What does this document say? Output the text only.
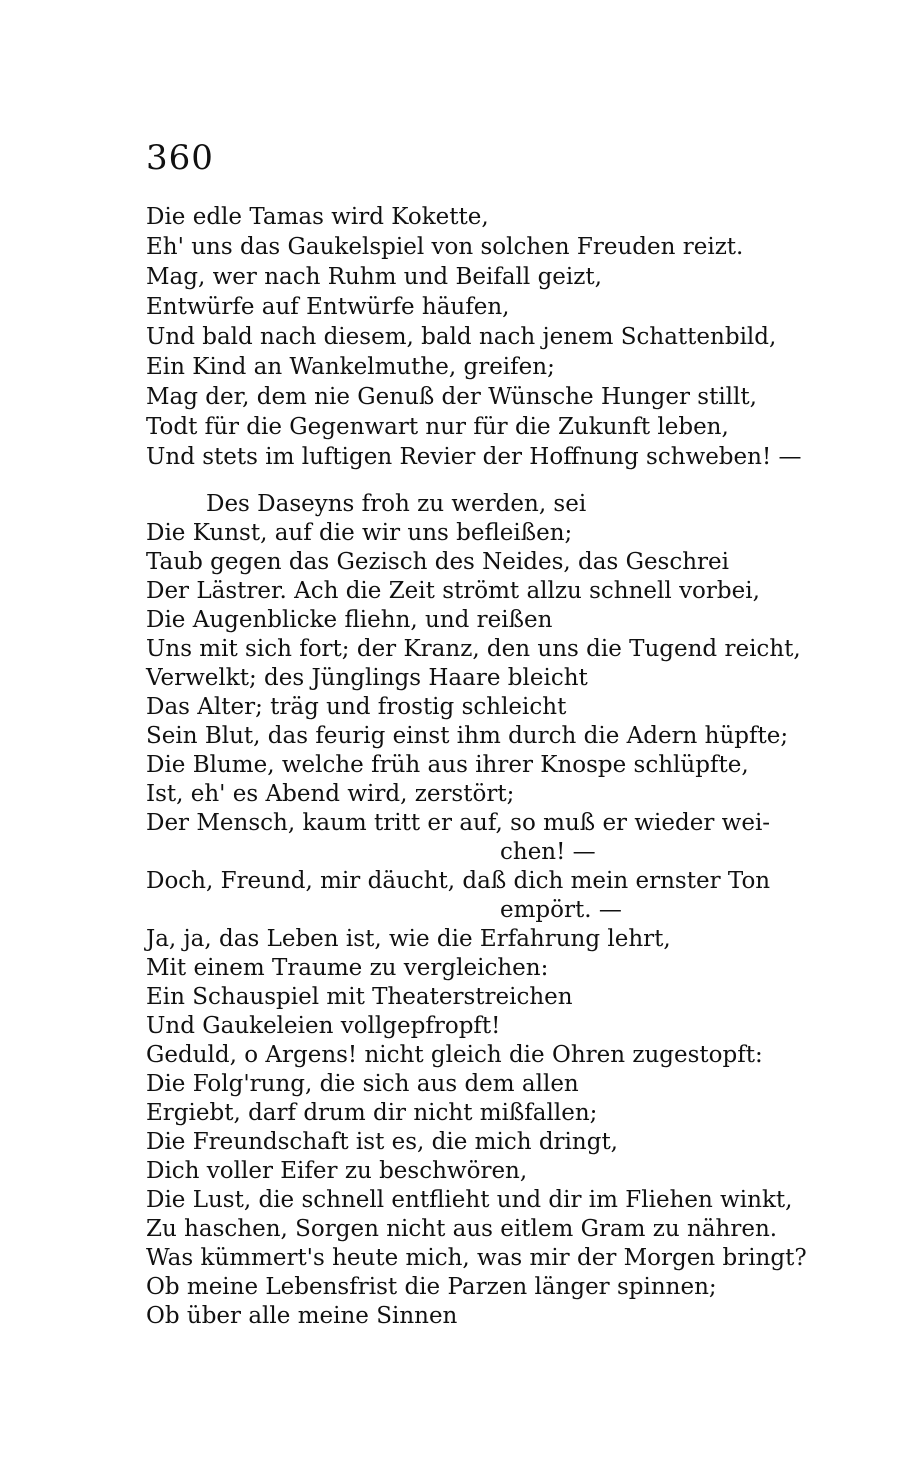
360
Die edle Tamas wird Kokette,
Eh' uns das Gaukelspiel von solchen Freuden reizt.
Mag, wer nach Ruhm und Beifall geizt,
Entwürfe auf Entwürfe häufen,
Und bald nach diesem, bald nach jenem Schattenbild,
Ein Kind an Wankelmuthe, greifen;
Mag der, dem nie Genuß der Wünsche Hunger stillt,
Todt für die Gegenwart nur für die Zukunft leben,
Und stets im luftigen Revier der Hoffnung schweben! —
Des Daseyns froh zu werden, sei
Die Kunst, auf die wir uns befleißen;
Taub gegen das Gezisch des Neides, das Geschrei
Der Lästrer. Ach die Zeit strömt allzu schnell vorbei,
Die Augenblicke fliehn, und reißen
Uns mit sich fort; der Kranz, den uns die Tugend reicht,
Verwelkt; des Jünglings Haare bleicht
Das Alter; träg und frostig schleicht
Sein Blut, das feurig einst ihm durch die Adern hüpfte;
Die Blume, welche früh aus ihrer Knospe schlüpfte,
Ist, eh' es Abend wird, zerstört;
Der Mensch, kaum tritt er auf, so muß er wieder wei-
chen! —
Doch, Freund, mir däucht, daß dich mein ernster Ton
empört. —
Ja, ja, das Leben ist, wie die Erfahrung lehrt,
Mit einem Traume zu vergleichen:
Ein Schauspiel mit Theaterstreichen
Und Gaukeleien vollgepfropft!
Geduld, o Argens! nicht gleich die Ohren zugestopft:
Die Folg'rung, die sich aus dem allen
Ergiebt, darf drum dir nicht mißfallen;
Die Freundschaft ist es, die mich dringt,
Dich voller Eifer zu beschwören,
Die Lust, die schnell entflieht und dir im Fliehen winkt,
Zu haschen, Sorgen nicht aus eitlem Gram zu nähren.
Was kümmert's heute mich, was mir der Morgen bringt?
Ob meine Lebensfrist die Parzen länger spinnen;
Ob über alle meine Sinnen
